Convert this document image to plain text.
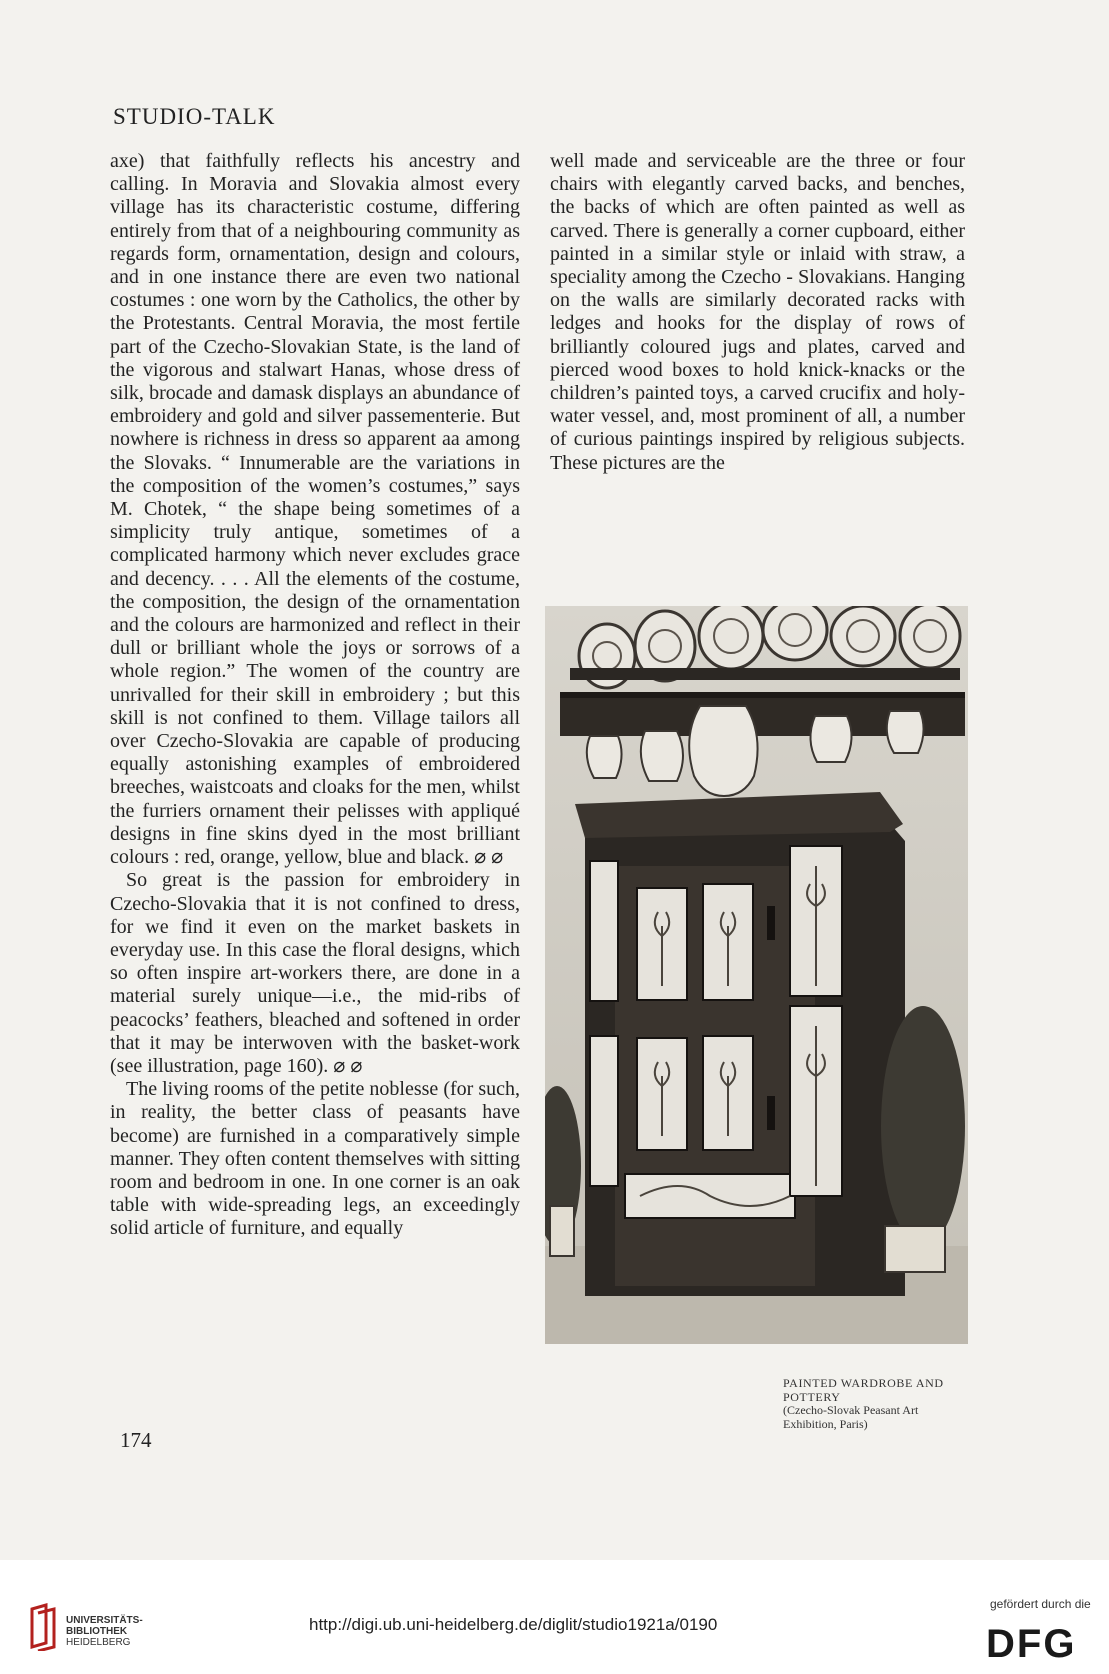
STUDIO-TALK

axe) that faithfully reflects his ancestry and calling. In Moravia and Slovakia almost every village has its characteristic costume, differing entirely from that of a neighbouring community as regards form, ornamentation, design and colours, and in one instance there are even two national costumes : one worn by the Catholics, the other by the Protestants. Central Moravia, the most fertile part of the Czecho-Slovakian State, is the land of the vigorous and stalwart Hanas, whose dress of silk, brocade and damask displays an abundance of embroidery and gold and silver passementerie. But nowhere is richness in dress so apparent aa among the Slovaks. “ Innumerable are the variations in the composition of the women’s costumes,” says M. Chotek, “ the shape being sometimes of a simplicity truly antique, sometimes of a complicated harmony which never excludes grace and decency. . . . All the elements of the costume, the composition, the design of the ornamentation and the colours are harmonized and reflect in their dull or brilliant whole the joys or sorrows of a whole region.” The women of the country are unrivalled for their skill in embroidery ; but this skill is not confined to them. Village tailors all over Czecho-Slovakia are capable of producing equally astonishing examples of embroidered breeches, waistcoats and cloaks for the men, whilst the furriers ornament their pelisses with appliqué designs in fine skins dyed in the most brilliant colours : red, orange, yellow, blue and black. ⌀ ⌀

So great is the passion for embroidery in Czecho-Slovakia that it is not confined to dress, for we find it even on the market baskets in everyday use. In this case the floral designs, which so often inspire art-workers there, are done in a material surely unique—i.e., the mid-ribs of peacocks’ feathers, bleached and softened in order that it may be interwoven with the basket-work (see illustration, page 160). ⌀ ⌀

The living rooms of the petite noblesse (for such, in reality, the better class of peasants have become) are furnished in a comparatively simple manner. They often content themselves with sitting room and bedroom in one. In one corner is an oak table with wide-spreading legs, an exceedingly solid article of furniture, and equally

well made and serviceable are the three or four chairs with elegantly carved backs, and benches, the backs of which are often painted as well as carved. There is generally a corner cupboard, either painted in a similar style or inlaid with straw, a speciality among the Czecho - Slovakians. Hanging on the walls are similarly decorated racks with ledges and hooks for the display of rows of brilliantly coloured jugs and plates, carved and pierced wood boxes to hold knick-knacks or the children’s painted toys, a carved crucifix and holy-water vessel, and, most prominent of all, a number of curious paintings inspired by religious subjects. These pictures are the

PAINTED WARDROBE AND POTTERY
(Czecho-Slovak Peasant Art Exhibition, Paris)
174
UNIVERSITÄTS-
BIBLIOTHEK
HEIDELBERG
http://digi.ub.uni-heidelberg.de/diglit/studio1921a/0190
gefördert durch die
DFG
